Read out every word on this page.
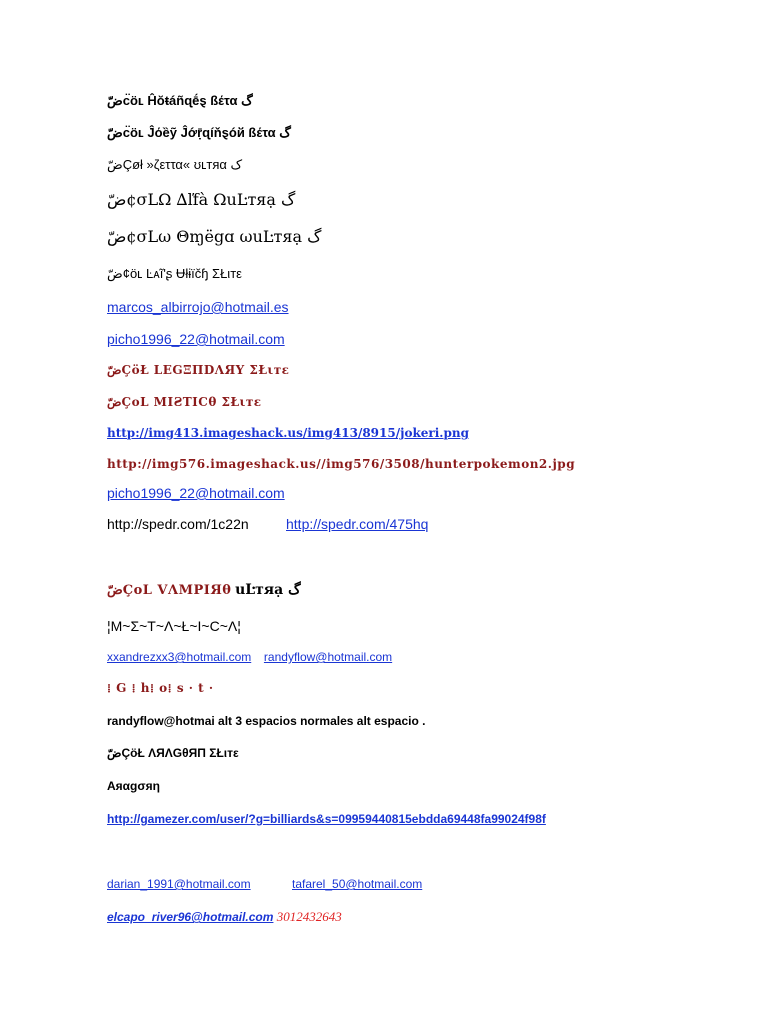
ضّc̈öʟ Ĥŏŧáñɋḗȿ ßέτα گ
ضّc̈öʟ Ĵόȅỹ Ĵớṝɋíňȿóй ßέτα گ
ضّÇøł »ζεττα« ʊʟтяα ک
ضّ¢σLΩ ∆ľfà ΩuĿтяạ گ
ضّ¢σLω Θɱёgɑ ωuĿтяạ گ
ضّ¢öʟ Ŀᴀĩ'ʂ Ʉłɨïčɧ ΣŁιтε
marcos_albirrojo@hotmail.es
picho1996_22@hotmail.com
ضّÇöŁ LEGΞΠDΛЯY ΣŁιтε
ضّÇoL MIƧTICθ ΣŁιтε
http://img413.imageshack.us/img413/8915/jokeri.png
http://img576.imageshack.us//img576/3508/hunterpokemon2.jpg
picho1996_22@hotmail.com
http://spedr.com/1c22n	http://spedr.com/475hq
ضّÇoL VΛMPIЯθ uĿтяạ گ
¦M~Σ~T~Λ~Ł~I~C~Λ¦
xxandrezxx3@hotmail.com randyflow@hotmail.com
⁞ G ⁞ h⁞ o⁞ s · t ·
randyflow@hotmai alt 3 espacios normales alt espacio .
ضّÇöŁ ΛЯΛGθЯΠ ΣŁιтε
Aяαgσяη
http://gamezer.com/user/?g=billiards&s=09959440815ebdda69448fa99024f98f
darian_1991@hotmail.com	tafarel_50@hotmail.com
elcapo_river96@hotmail.com 3012432643
